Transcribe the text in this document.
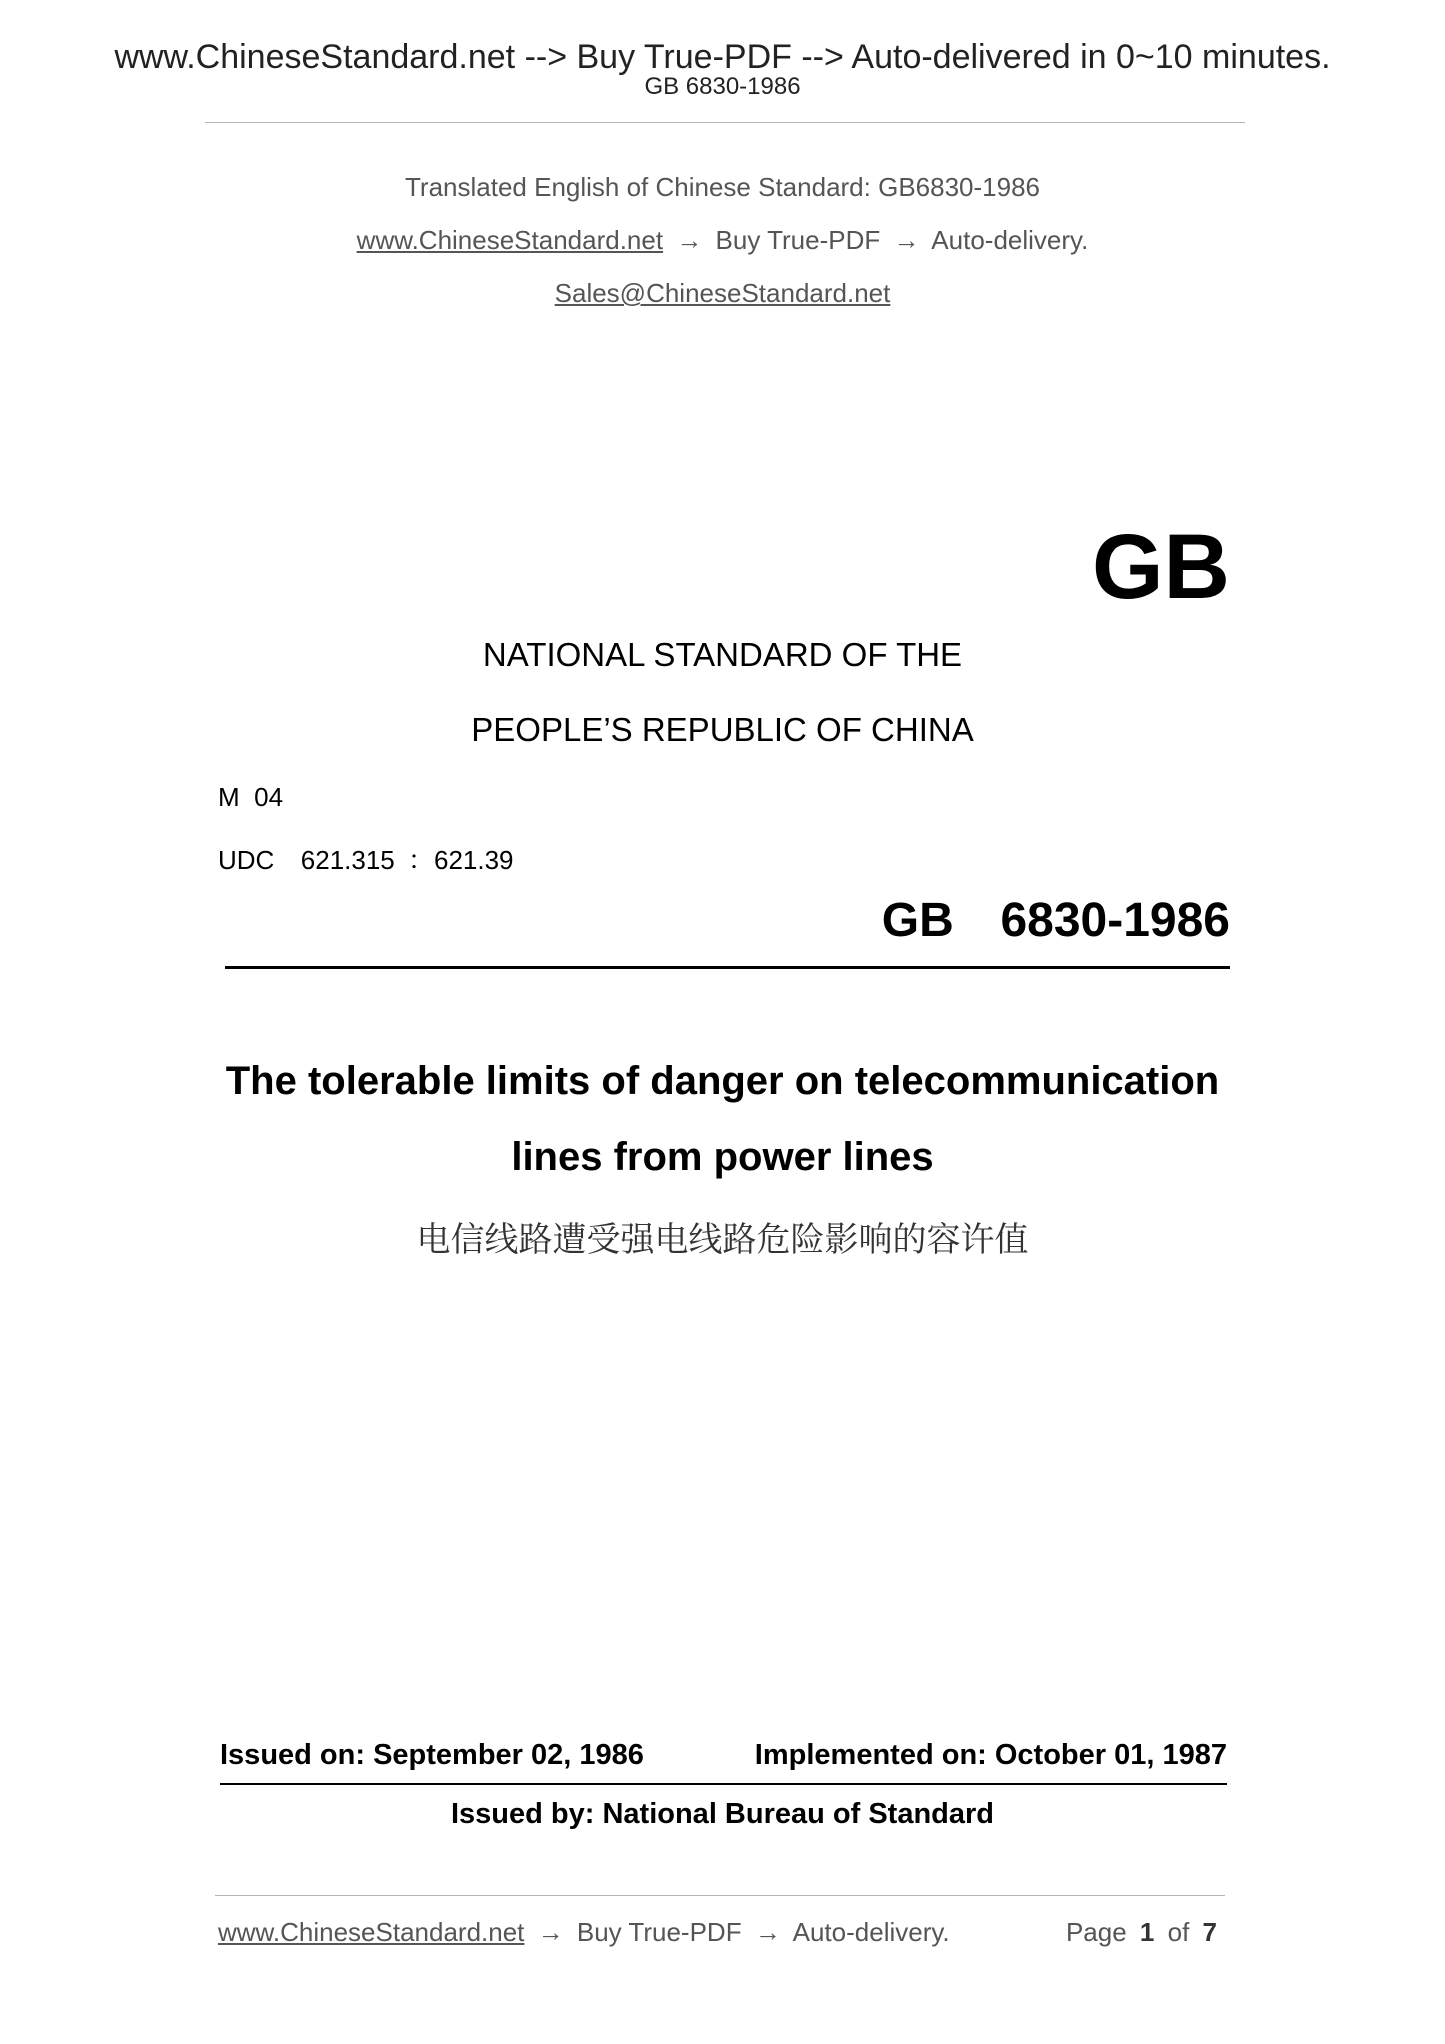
www.ChineseStandard.net --> Buy True-PDF --> Auto-delivered in 0~10 minutes.
GB 6830-1986
Translated English of Chinese Standard: GB6830-1986
www.ChineseStandard.net → Buy True-PDF → Auto-delivery.
Sales@ChineseStandard.net
GB
NATIONAL STANDARD OF THE
PEOPLE’S REPUBLIC OF CHINA
M  04
UDC  621.315 ：621.39
GB  6830-1986
The tolerable limits of danger on telecommunication
lines from power lines
电信线路遭受强电线路危险影响的容许值
Issued on: September 02, 1986	Implemented on: October 01, 1987
Issued by: National Bureau of Standard
www.ChineseStandard.net → Buy True-PDF → Auto-delivery.	Page 1 of 7
